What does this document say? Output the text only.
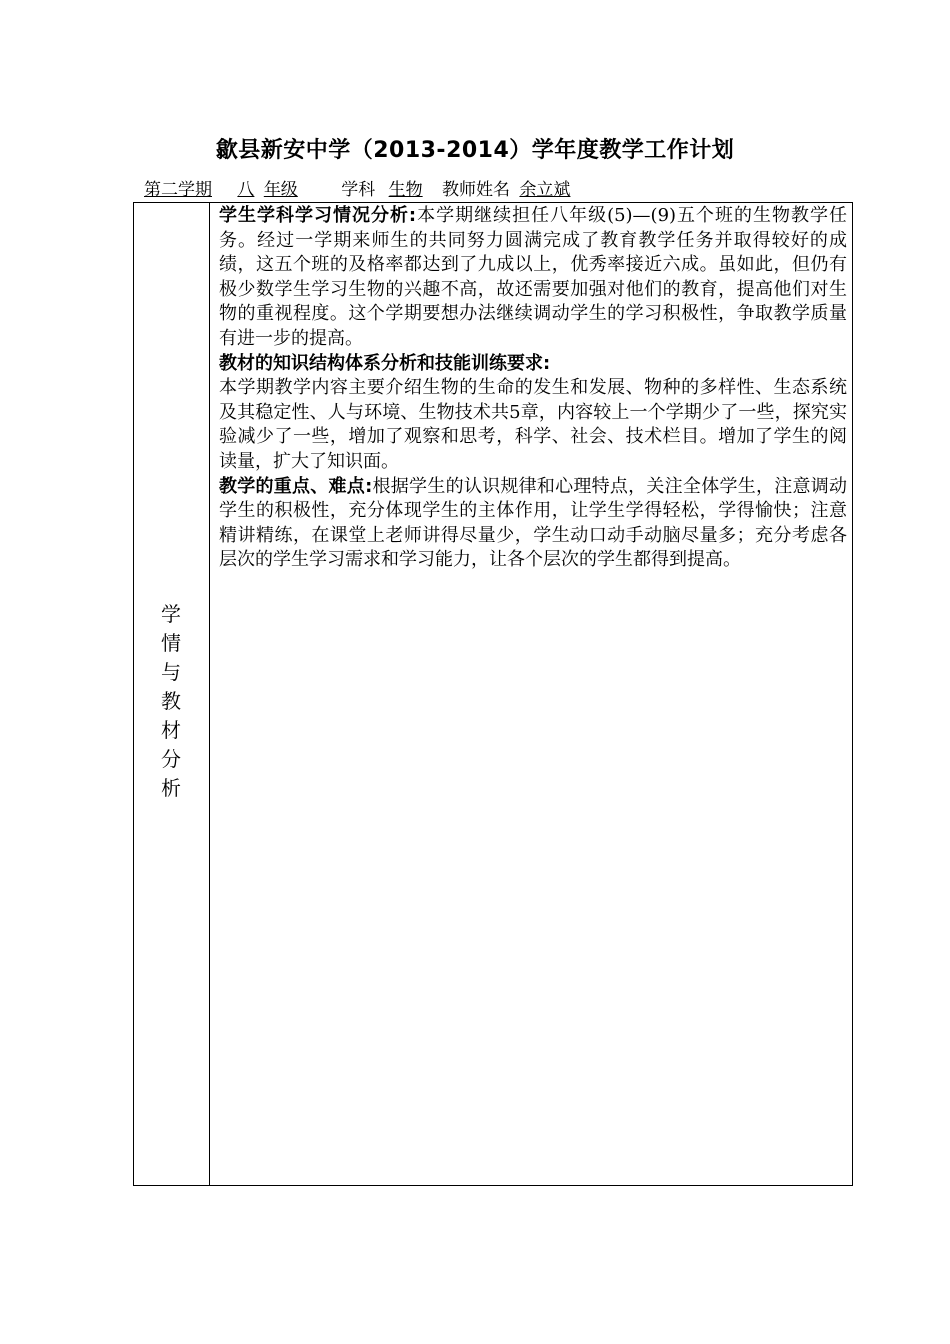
歙县新安中学（2013-2014）学年度教学工作计划
第二学期 八 年级	学科 生物 教师姓名 余立斌
学
情
与
教
材
分
析

学生学科学习情况分析:本学期继续担任八年级(5)—(9)五个班的生物教学任务。经过一学期来师生的共同努力圆满完成了教育教学任务并取得较好的成绩，这五个班的及格率都达到了九成以上，优秀率接近六成。虽如此，但仍有极少数学生学习生物的兴趣不高，故还需要加强对他们的教育，提高他们对生物的重视程度。这个学期要想办法继续调动学生的学习积极性，争取教学质量有进一步的提高。

教材的知识结构体系分析和技能训练要求:
本学期教学内容主要介绍生物的生命的发生和发展、物种的多样性、生态系统及其稳定性、人与环境、生物技术共5章，内容较上一个学期少了一些，探究实验减少了一些，增加了观察和思考，科学、社会、技术栏目。增加了学生的阅读量，扩大了知识面。

教学的重点、难点:根据学生的认识规律和心理特点，关注全体学生，注意调动学生的积极性，充分体现学生的主体作用，让学生学得轻松，学得愉快；注意精讲精练，在课堂上老师讲得尽量少，学生动口动手动脑尽量多；充分考虑各层次的学生学习需求和学习能力，让各个层次的学生都得到提高。
